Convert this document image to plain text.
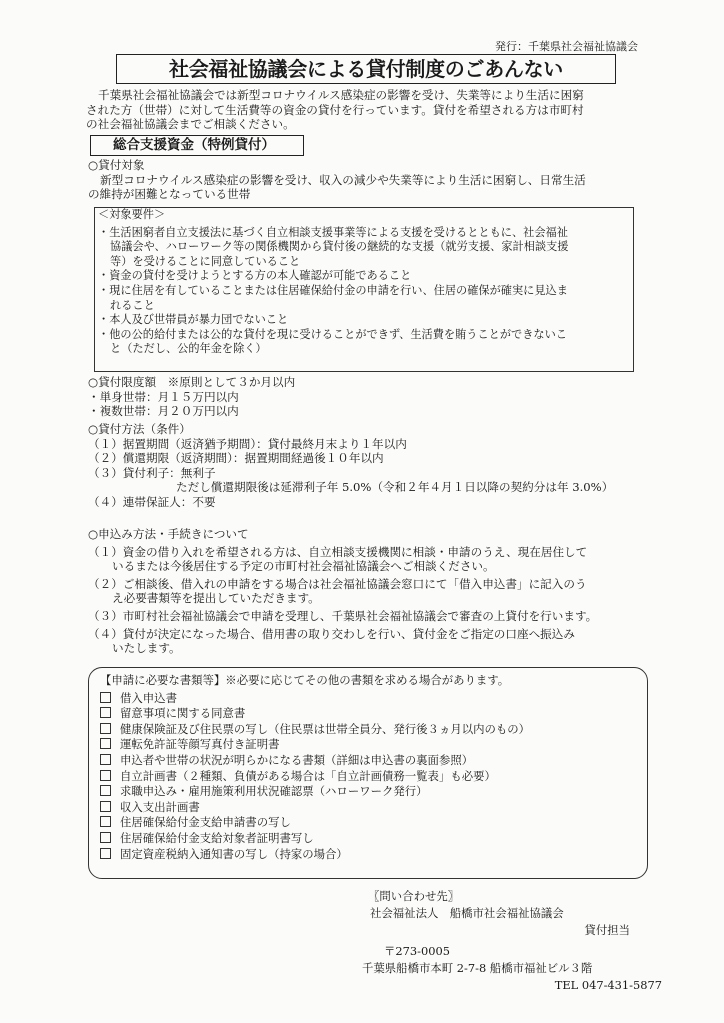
発行：千葉県社会福祉協議会
社会福祉協議会による貸付制度のごあんない
千葉県社会福祉協議会では新型コロナウイルス感染症の影響を受け、失業等により生活に困窮
された方（世帯）に対して生活費等の資金の貸付を行っています。貸付を希望される方は市町村
の社会福祉協議会までご相談ください。
総合支援資金（特例貸付）
○貸付対象
新型コロナウイルス感染症の影響を受け、収入の減少や失業等により生活に困窮し、日常生活
の維持が困難となっている世帯
＜対象要件＞
・生活困窮者自立支援法に基づく自立相談支援事業等による支援を受けるとともに、社会福祉
協議会や、ハローワーク等の関係機関から貸付後の継続的な支援（就労支援、家計相談支援
等）を受けることに同意していること
・資金の貸付を受けようとする方の本人確認が可能であること
・現に住居を有していることまたは住居確保給付金の申請を行い、住居の確保が確実に見込ま
れること
・本人及び世帯員が暴力団でないこと
・他の公的給付または公的な貸付を現に受けることができず、生活費を賄うことができないこ
と（ただし、公的年金を除く）
○貸付限度額　※原則として３か月以内
・単身世帯：月１５万円以内
・複数世帯：月２０万円以内
○貸付方法（条件）
（１）据置期間（返済猶予期間）：貸付最終月末より１年以内
（２）償還期限（返済期間）：据置期間経過後１０年以内
（３）貸付利子：無利子
ただし償還期限後は延滞利子年 5.0%（令和２年４月１日以降の契約分は年 3.0%）
（４）連帯保証人：不要
○申込み方法・手続きについて
（１）資金の借り入れを希望される方は、自立相談支援機関に相談・申請のうえ、現在居住して
いるまたは今後居住する予定の市町村社会福祉協議会へご相談ください。
（２）ご相談後、借入れの申請をする場合は社会福祉協議会窓口にて「借入申込書」に記入のう
え必要書類等を提出していただきます。
（３）市町村社会福祉協議会で申請を受理し、千葉県社会福祉協議会で審査の上貸付を行います。
（４）貸付が決定になった場合、借用書の取り交わしを行い、貸付金をご指定の口座へ振込み
いたします。
【申請に必要な書類等】※必要に応じてその他の書類を求める場合があります。
借入申込書
留意事項に関する同意書
健康保険証及び住民票の写し（住民票は世帯全員分、発行後３ヵ月以内のもの）
運転免許証等顔写真付き証明書
申込者や世帯の状況が明らかになる書類（詳細は申込書の裏面参照）
自立計画書（２種類、負債がある場合は「自立計画債務一覧表」も必要）
求職申込み・雇用施策利用状況確認票（ハローワーク発行）
収入支出計画書
住居確保給付金支給申請書の写し
住居確保給付金支給対象者証明書写し
固定資産税納入通知書の写し（持家の場合）
〖問い合わせ先〗
社会福祉法人　船橋市社会福祉協議会
貸付担当
〒273-0005
千葉県船橋市本町 2-7-8 船橋市福祉ビル３階
TEL 047-431-5877
